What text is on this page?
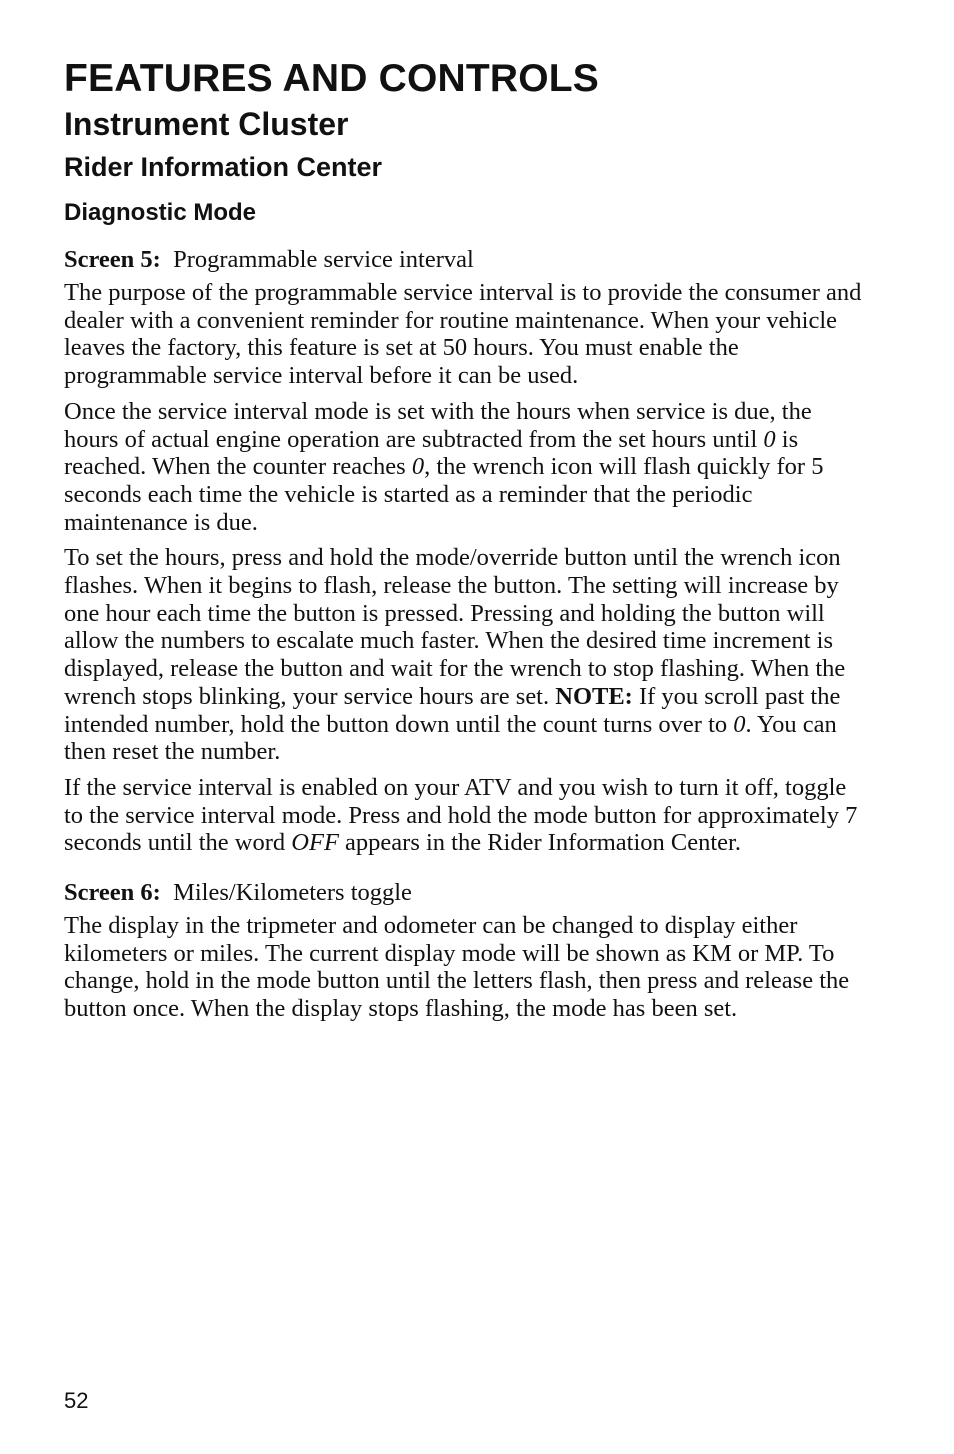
FEATURES AND CONTROLS
Instrument Cluster
Rider Information Center
Diagnostic Mode

Screen 5: Programmable service interval

The purpose of the programmable service interval is to provide the consumer and dealer with a convenient reminder for routine maintenance. When your vehicle leaves the factory, this feature is set at 50 hours. You must enable the programmable service interval before it can be used.

Once the service interval mode is set with the hours when service is due, the hours of actual engine operation are subtracted from the set hours until 0 is reached. When the counter reaches 0, the wrench icon will flash quickly for 5 seconds each time the vehicle is started as a reminder that the periodic maintenance is due.

To set the hours, press and hold the mode/override button until the wrench icon flashes. When it begins to flash, release the button. The setting will increase by one hour each time the button is pressed. Pressing and holding the button will allow the numbers to escalate much faster. When the desired time increment is displayed, release the button and wait for the wrench to stop flashing. When the wrench stops blinking, your service hours are set. NOTE: If you scroll past the intended number, hold the button down until the count turns over to 0. You can then reset the number.

If the service interval is enabled on your ATV and you wish to turn it off, toggle to the service interval mode. Press and hold the mode button for approximately 7 seconds until the word OFF appears in the Rider Information Center.

Screen 6: Miles/Kilometers toggle

The display in the tripmeter and odometer can be changed to display either kilometers or miles. The current display mode will be shown as KM or MP. To change, hold in the mode button until the letters flash, then press and release the button once. When the display stops flashing, the mode has been set.

52
